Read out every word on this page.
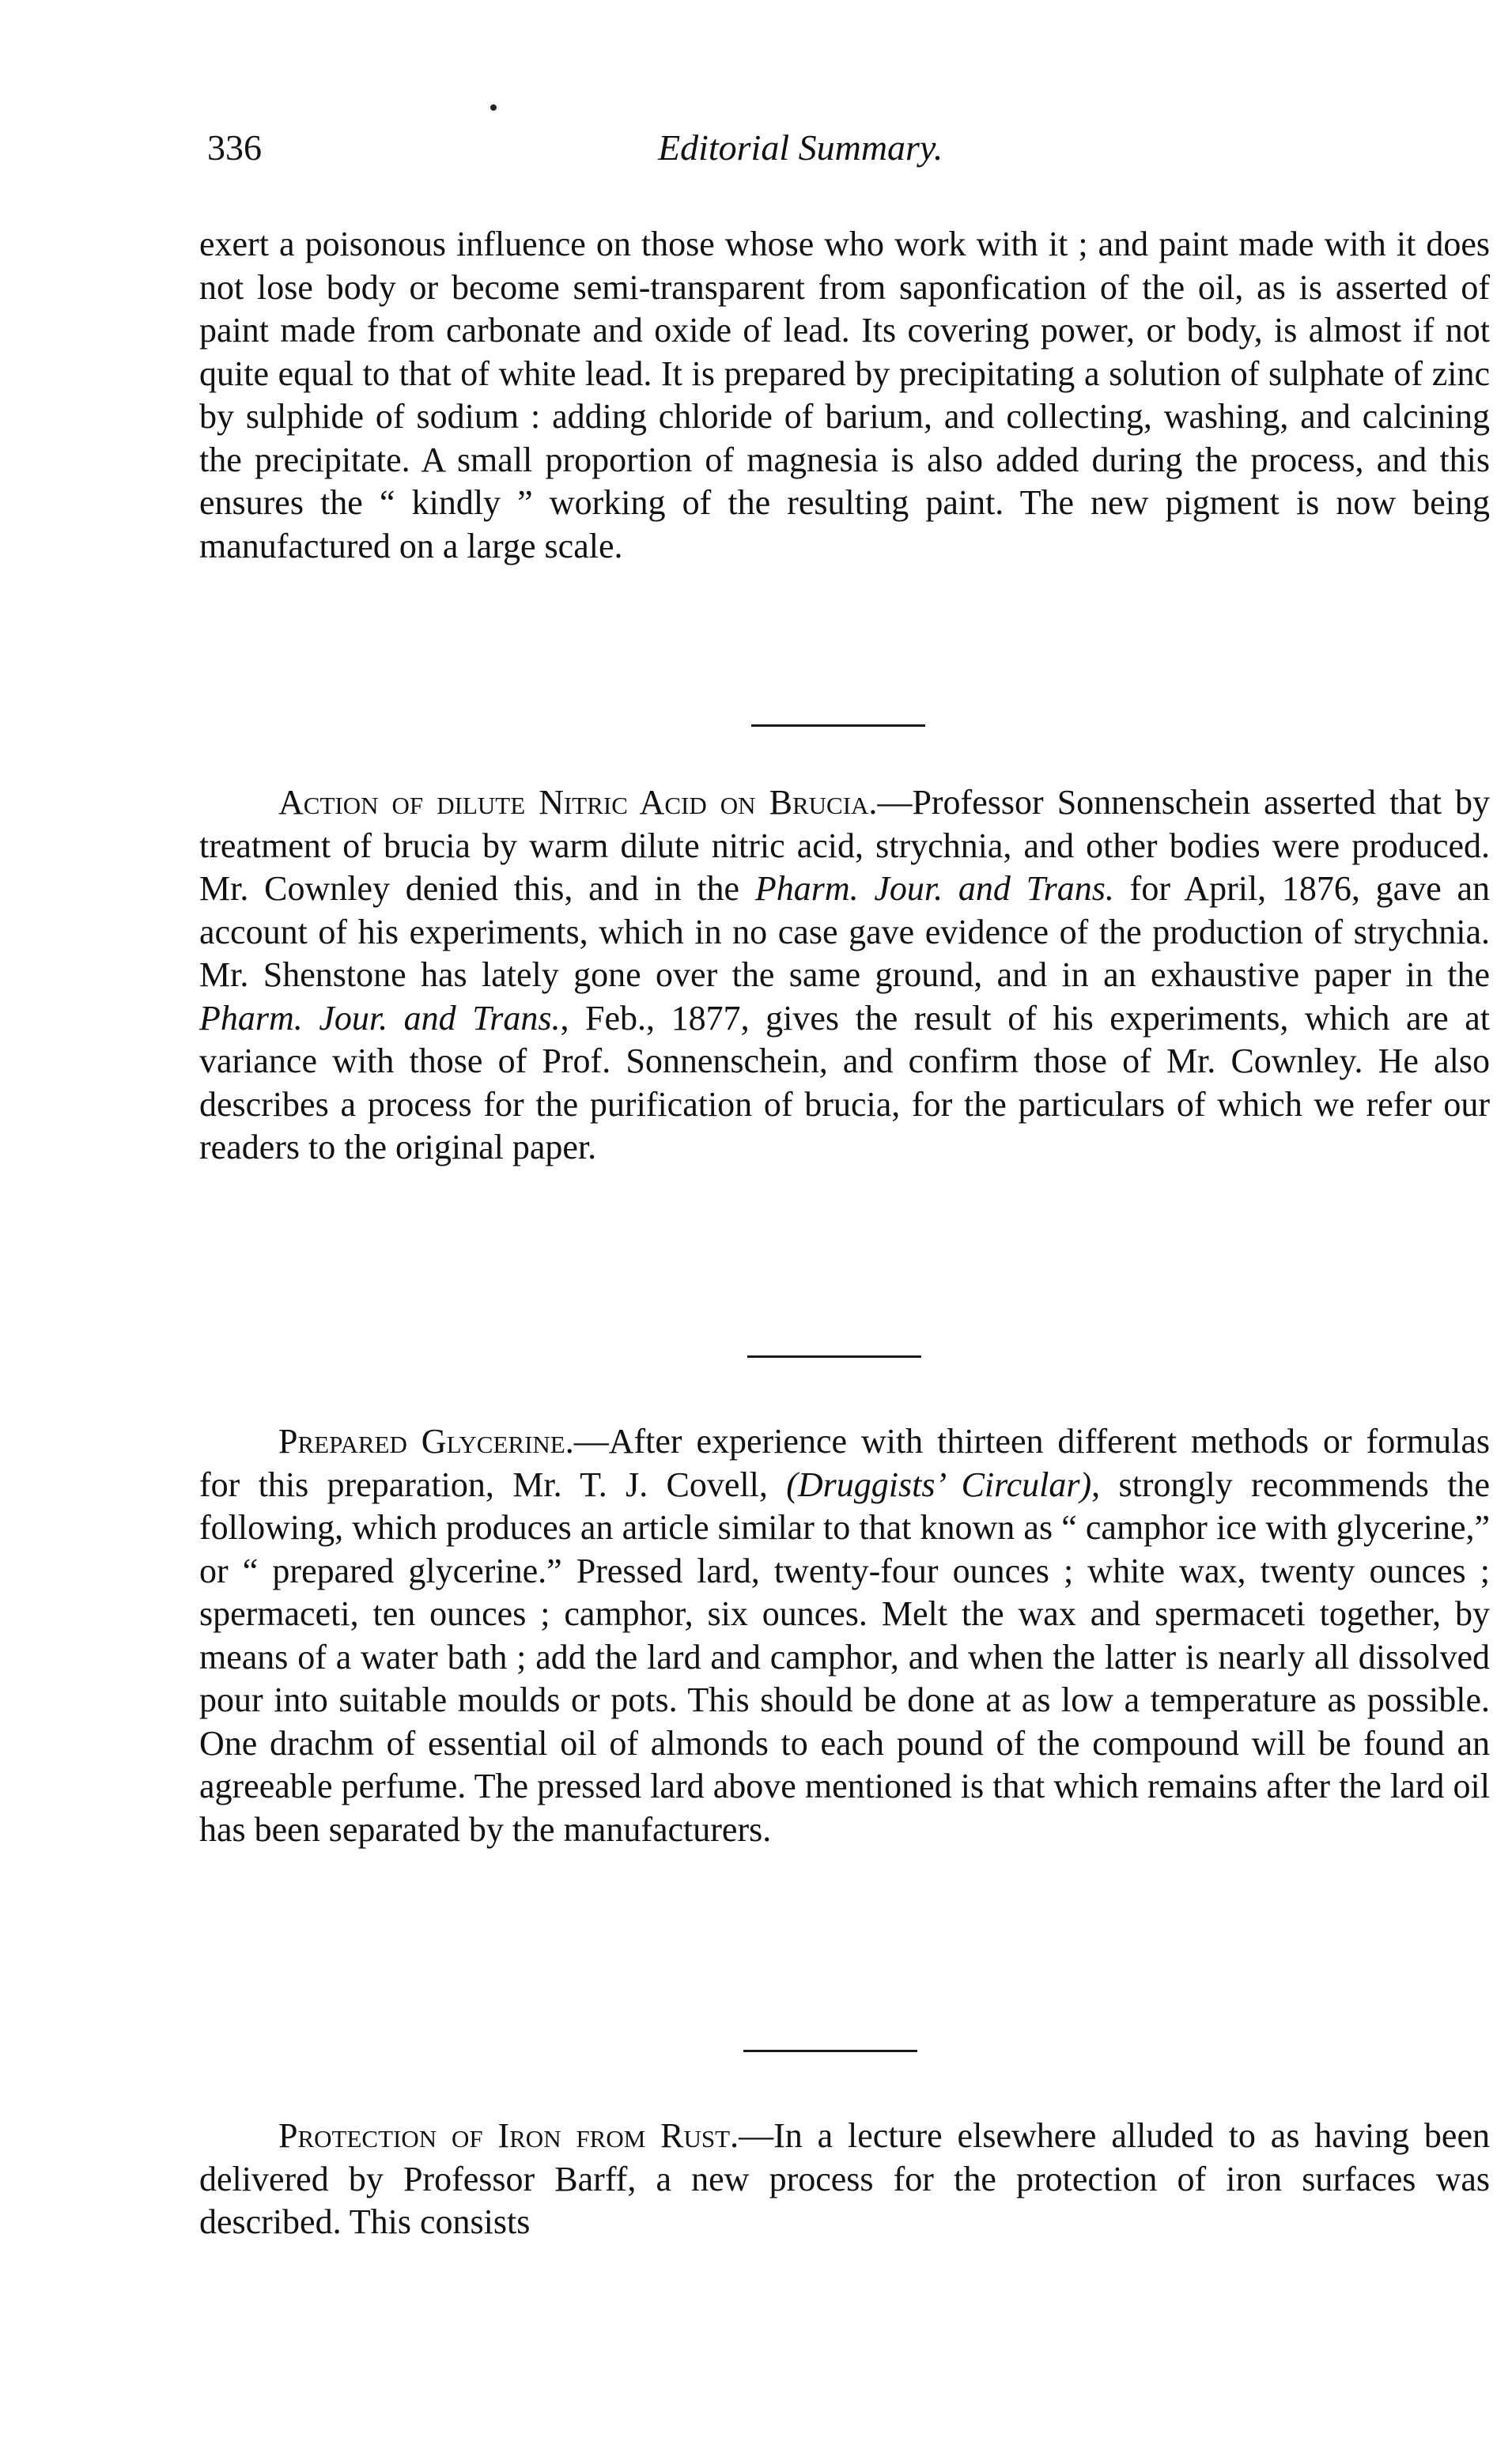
336	Editorial Summary.

exert a poisonous influence on those whose who work with it ; and paint made with it does not lose body or become semi-transparent from saponfication of the oil, as is asserted of paint made from carbonate and oxide of lead. Its covering power, or body, is almost if not quite equal to that of white lead. It is prepared by precipitating a solution of sulphate of zinc by sulphide of sodium : adding chloride of barium, and collecting, washing, and calcining the precipitate. A small proportion of magnesia is also added during the process, and this ensures the “ kindly ” working of the resulting paint. The new pigment is now being manufactured on a large scale.

Action of dilute Nitric Acid on Brucia.—Professor Sonnenschein asserted that by treatment of brucia by warm dilute nitric acid, strychnia, and other bodies were produced. Mr. Cownley denied this, and in the Pharm. Jour. and Trans. for April, 1876, gave an account of his experiments, which in no case gave evidence of the production of strychnia. Mr. Shenstone has lately gone over the same ground, and in an exhaustive paper in the Pharm. Jour. and Trans., Feb., 1877, gives the result of his experiments, which are at variance with those of Prof. Sonnenschein, and confirm those of Mr. Cownley. He also describes a process for the purification of brucia, for the particulars of which we refer our readers to the original paper.

Prepared Glycerine.—After experience with thirteen different methods or formulas for this preparation, Mr. T. J. Covell, (Druggists’ Circular), strongly recommends the following, which produces an article similar to that known as “ camphor ice with glycerine,” or “ prepared glycerine.” Pressed lard, twenty-four ounces ; white wax, twenty ounces ; spermaceti, ten ounces ; camphor, six ounces. Melt the wax and spermaceti together, by means of a water bath ; add the lard and camphor, and when the latter is nearly all dissolved pour into suitable moulds or pots. This should be done at as low a temperature as possible. One drachm of essential oil of almonds to each pound of the compound will be found an agreeable perfume. The pressed lard above mentioned is that which remains after the lard oil has been separated by the manufacturers.

Protection of Iron from Rust.—In a lecture elsewhere alluded to as having been delivered by Professor Barff, a new process for the protection of iron surfaces was described. This consists
